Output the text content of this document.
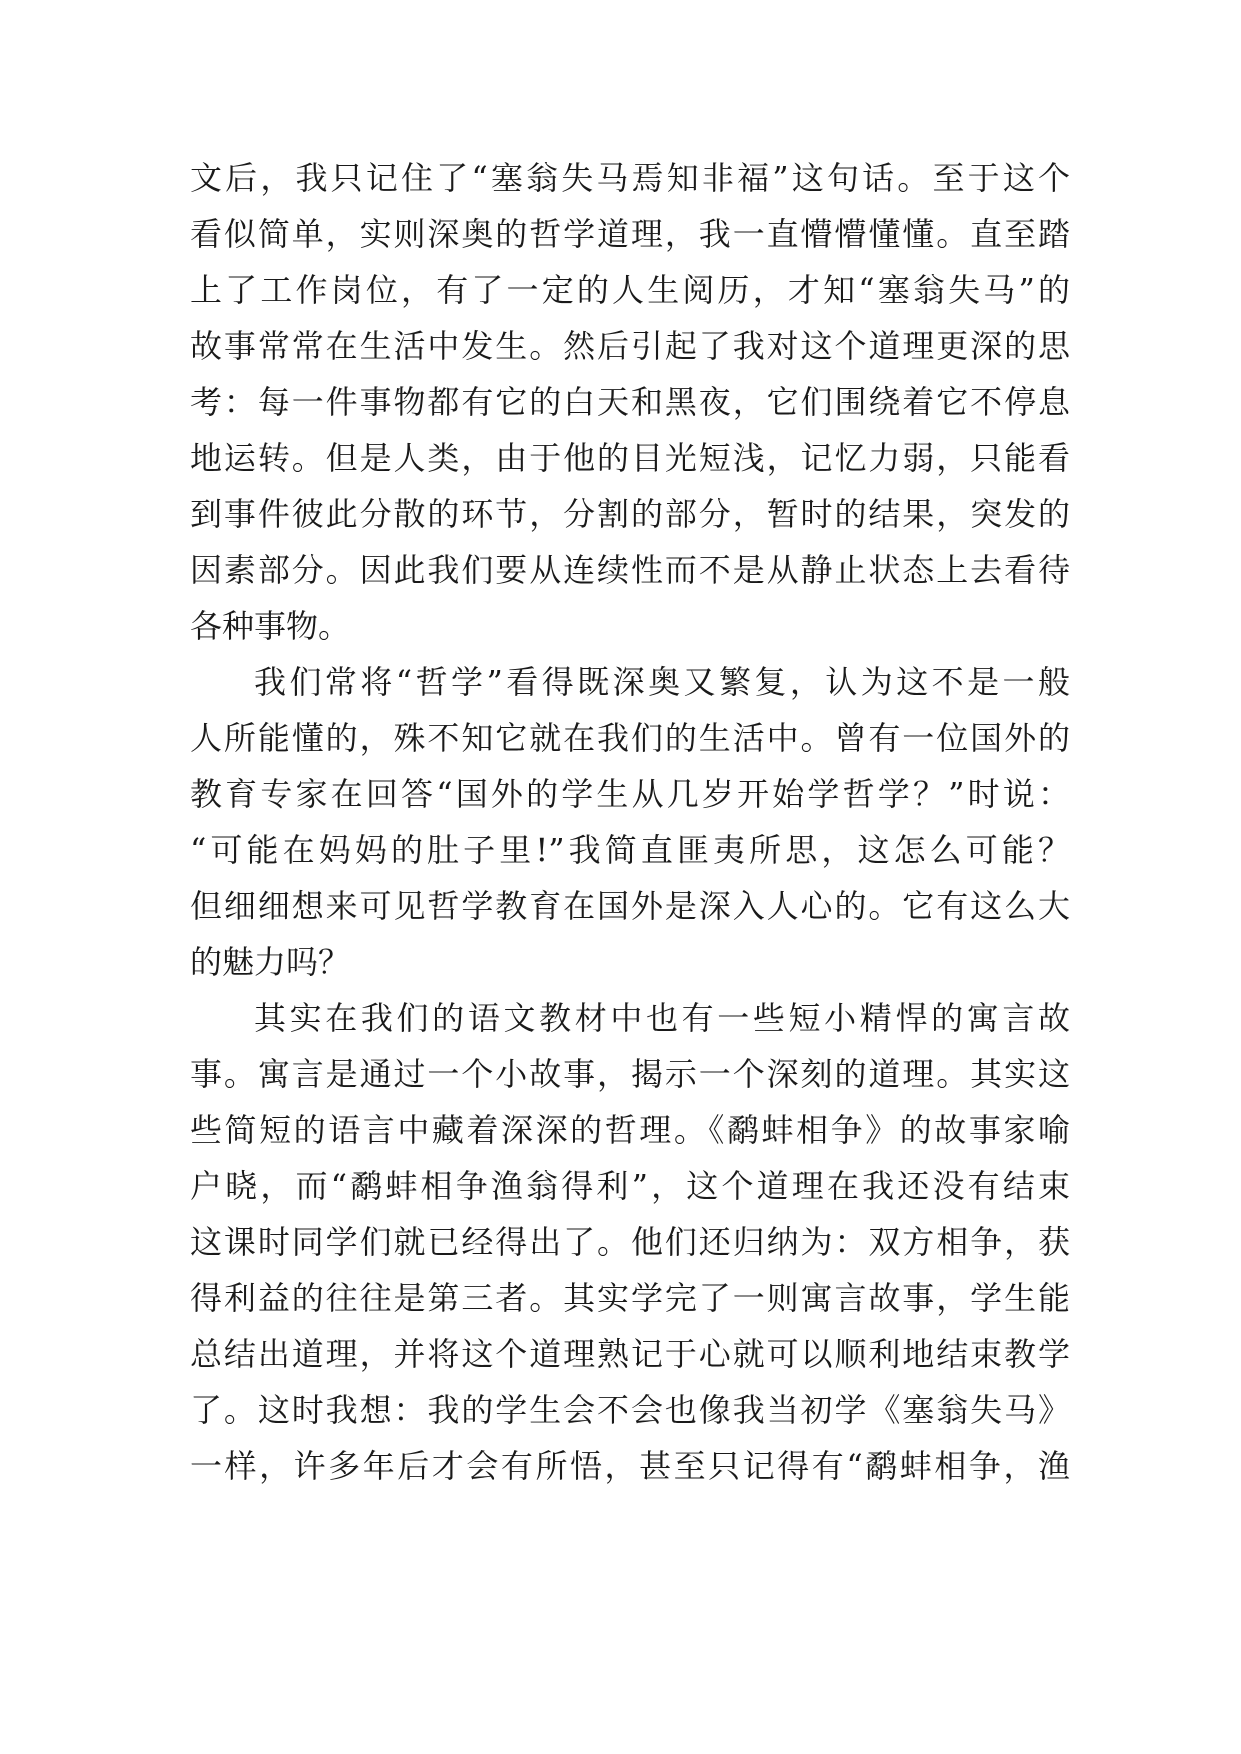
文后，我只记住了“塞翁失马焉知非福”这句话。至于这个
看似简单，实则深奥的哲学道理，我一直懵懵懂懂。直至踏
上了工作岗位，有了一定的人生阅历，才知“塞翁失马”的
故事常常在生活中发生。然后引起了我对这个道理更深的思
考：每一件事物都有它的白天和黑夜，它们围绕着它不停息
地运转。但是人类，由于他的目光短浅，记忆力弱，只能看
到事件彼此分散的环节，分割的部分，暂时的结果，突发的
因素部分。因此我们要从连续性而不是从静止状态上去看待
各种事物。
我们常将“哲学”看得既深奥又繁复，认为这不是一般
人所能懂的，殊不知它就在我们的生活中。曾有一位国外的
教育专家在回答“国外的学生从几岁开始学哲学？”时说：
“可能在妈妈的肚子里!”我简直匪夷所思，这怎么可能？
但细细想来可见哲学教育在国外是深入人心的。它有这么大
的魅力吗？
其实在我们的语文教材中也有一些短小精悍的寓言故
事。寓言是通过一个小故事，揭示一个深刻的道理。其实这
些简短的语言中藏着深深的哲理。《鹬蚌相争》的故事家喻
户晓，而“鹬蚌相争渔翁得利”，这个道理在我还没有结束
这课时同学们就已经得出了。他们还归纳为：双方相争，获
得利益的往往是第三者。其实学完了一则寓言故事，学生能
总结出道理，并将这个道理熟记于心就可以顺利地结束教学
了。这时我想：我的学生会不会也像我当初学《塞翁失马》
一样，许多年后才会有所悟，甚至只记得有“鹬蚌相争，渔
